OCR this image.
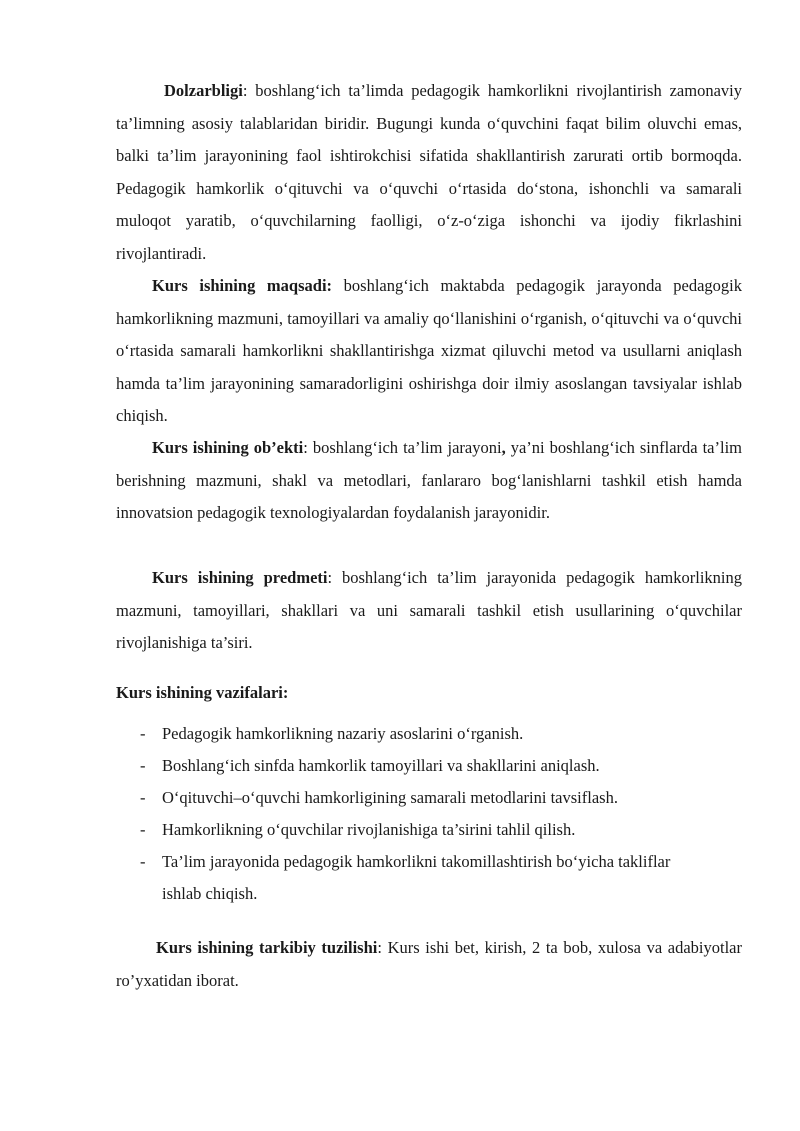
Dolzarbligi: boshlang‘ich ta’limda pedagogik hamkorlikni rivojlantirish zamonaviy ta’limning asosiy talablaridan biridir. Bugungi kunda o‘quvchini faqat bilim oluvchi emas, balki ta’lim jarayonining faol ishtirokchisi sifatida shakllantirish zarurati ortib bormoqda. Pedagogik hamkorlik o‘qituvchi va o‘quvchi o‘rtasida do‘stona, ishonchli va samarali muloqot yaratib, o‘quvchilarning faolligi, o‘z-o‘ziga ishonchi va ijodiy fikrlashini rivojlantiradi.

Kurs ishining maqsadi: boshlang‘ich maktabda pedagogik jarayonda pedagogik hamkorlikning mazmuni, tamoyillari va amaliy qo‘llanishini o‘rganish, o‘qituvchi va o‘quvchi o‘rtasida samarali hamkorlikni shakllantirishga xizmat qiluvchi metod va usullarni aniqlash hamda ta’lim jarayonining samaradorligini oshirishga doir ilmiy asoslangan tavsiyalar ishlab chiqish.

Kurs ishining ob’ekti: boshlang‘ich ta’lim jarayoni, ya’ni boshlang‘ich sinflarda ta’lim berishning mazmuni, shakl va metodlari, fanlararo bog‘lanishlarni tashkil etish hamda innovatsion pedagogik texnologiyalardan foydalanish jarayonidir.

Kurs ishining predmeti: boshlang‘ich ta’lim jarayonida pedagogik hamkorlikning mazmuni, tamoyillari, shakllari va uni samarali tashkil etish usullarining o‘quvchilar rivojlanishiga ta’siri.

Kurs ishining vazifalari:

- Pedagogik hamkorlikning nazariy asoslarini o‘rganish.
- Boshlang‘ich sinfda hamkorlik tamoyillari va shakllarini aniqlash.
- O‘qituvchi–o‘quvchi hamkorligining samarali metodlarini tavsiflash.
- Hamkorlikning o‘quvchilar rivojlanishiga ta’sirini tahlil qilish.
- Ta’lim jarayonida pedagogik hamkorlikni takomillashtirish bo‘yicha takliflar ishlab chiqish.

Kurs ishining tarkibiy tuzilishi: Kurs ishi bet, kirish, 2 ta bob, xulosa va adabiyotlar ro’yxatidan iborat.
